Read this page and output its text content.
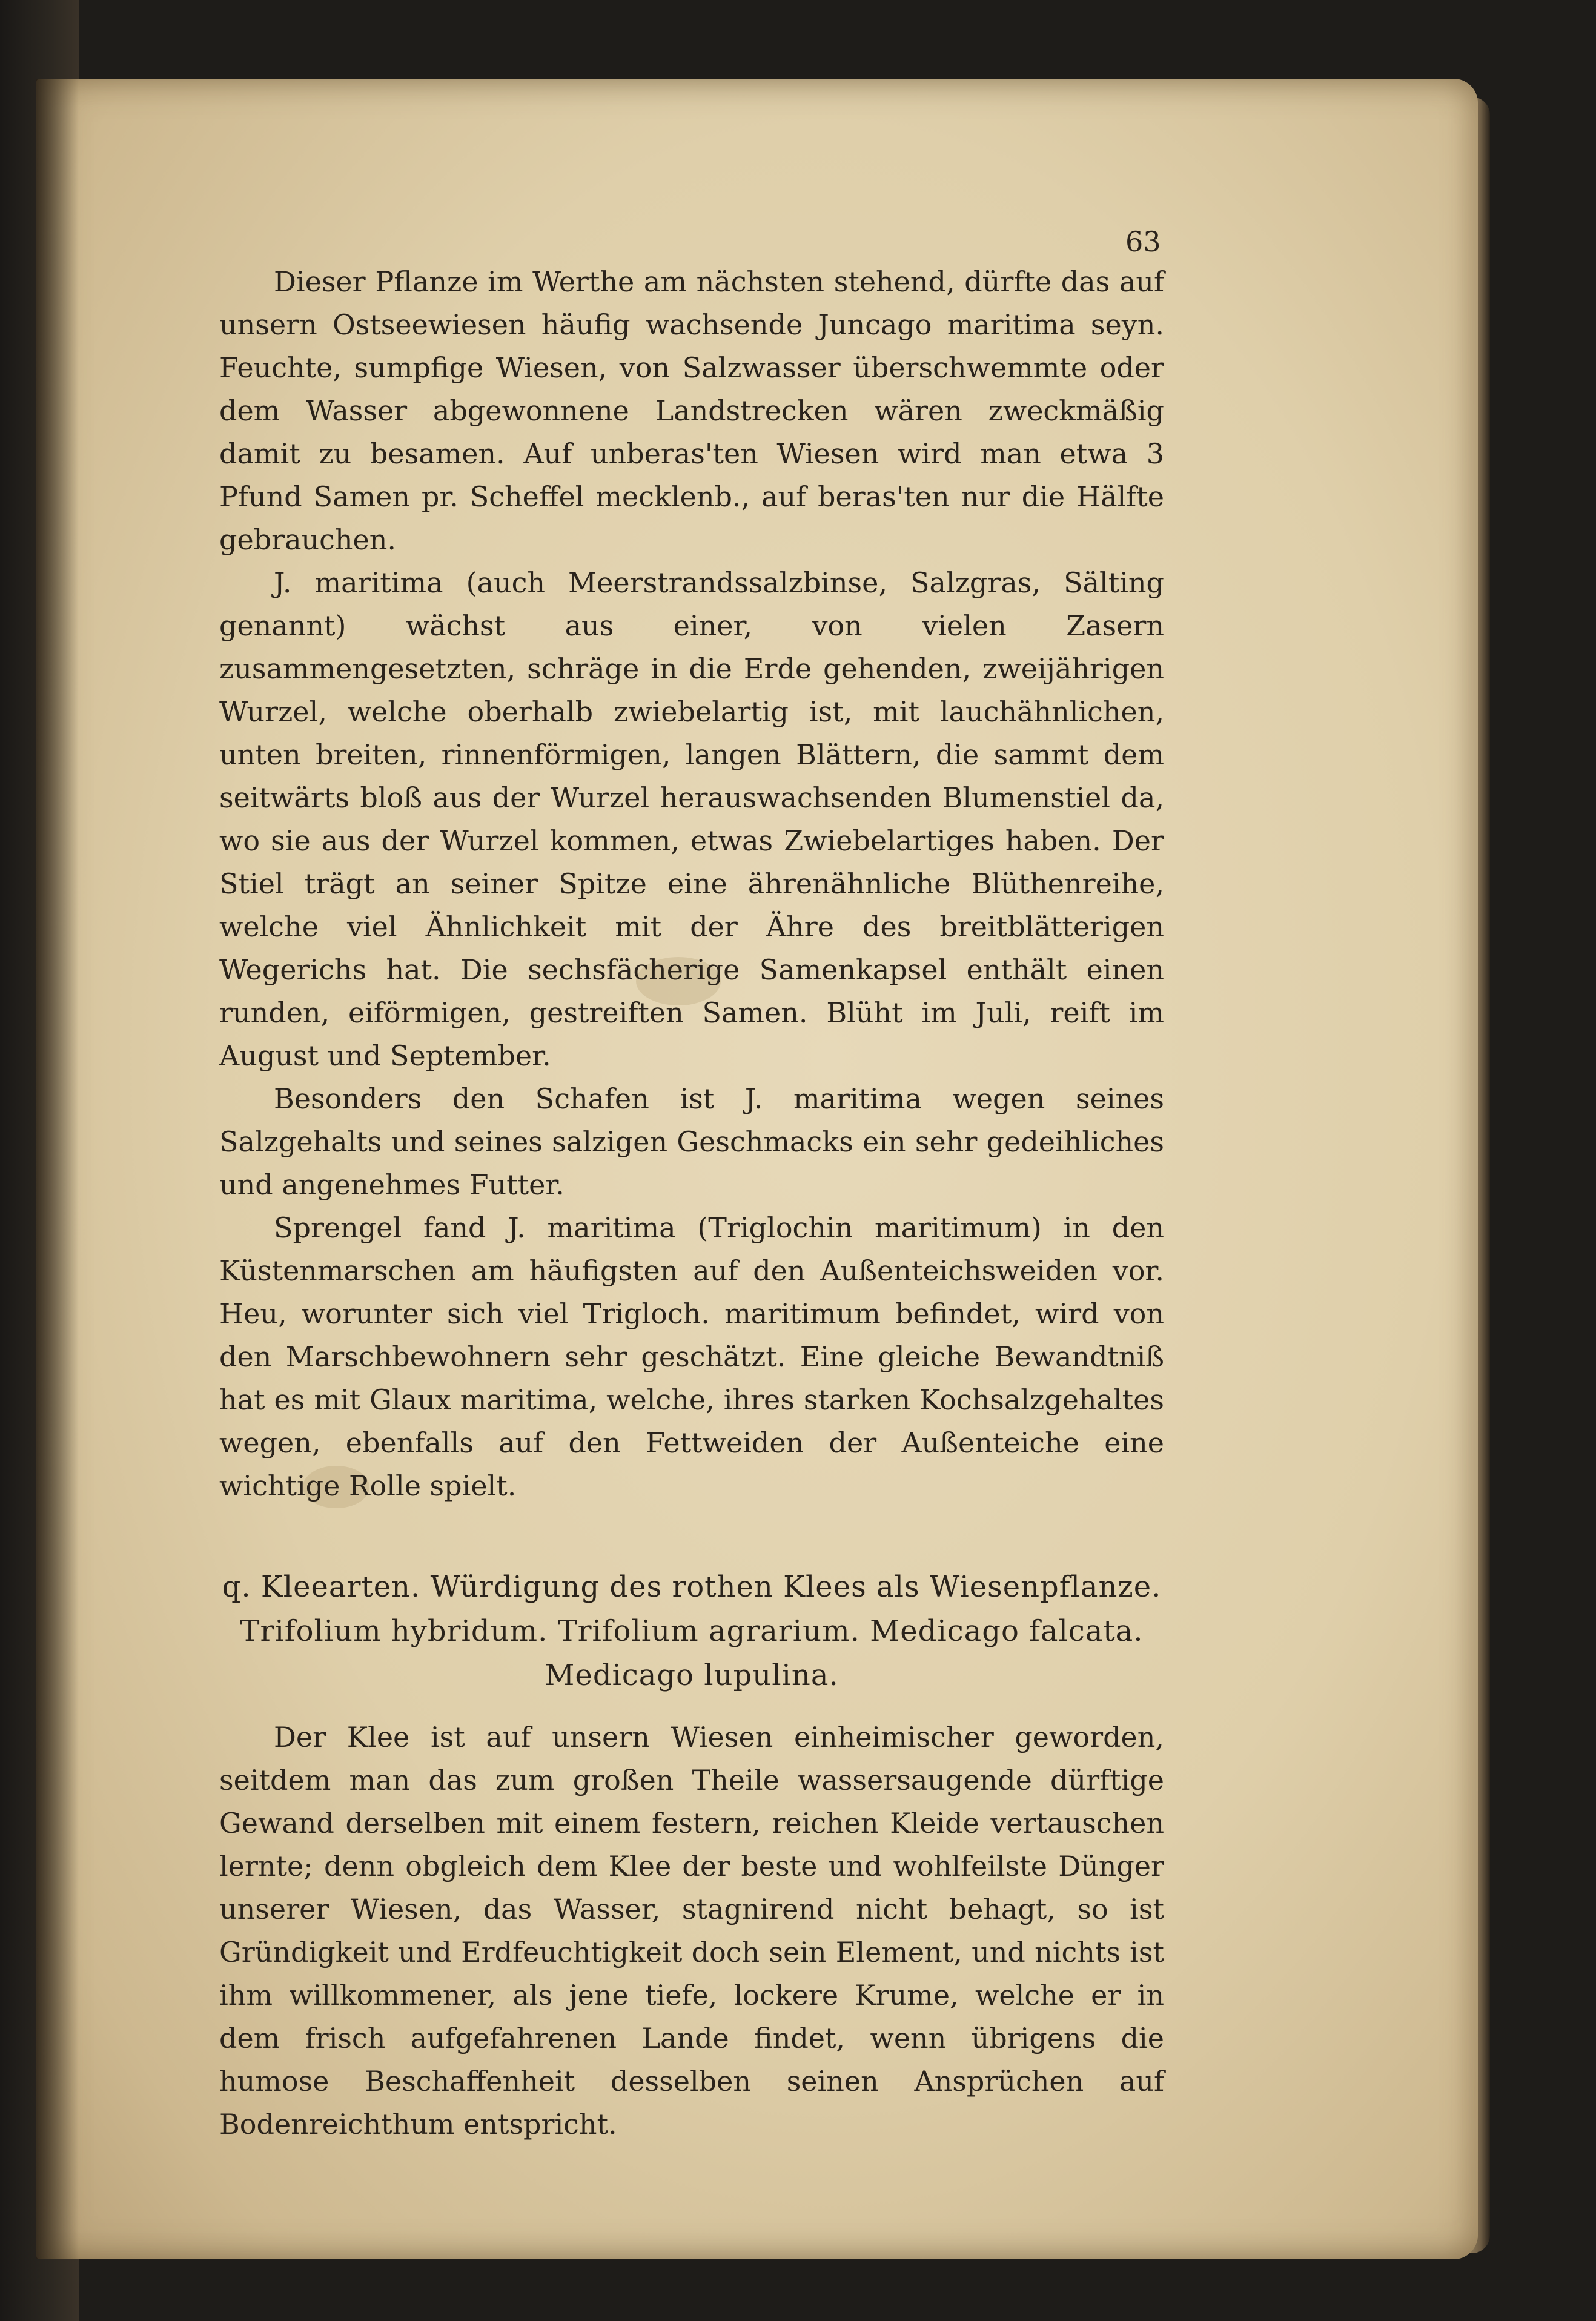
63

Dieser Pflanze im Werthe am nächsten stehend, dürfte das auf unsern Ostseewiesen häufig wachsende Juncago maritima seyn. Feuchte, sumpfige Wiesen, von Salzwasser überschwemmte oder dem Wasser abgewonnene Landstrecken wären zweckmäßig damit zu besamen. Auf unberas'ten Wiesen wird man etwa 3 Pfund Samen pr. Scheffel mecklenb., auf beras'ten nur die Hälfte gebrauchen.

J. maritima (auch Meerstrandssalzbinse, Salzgras, Sälting genannt) wächst aus einer, von vielen Zasern zusammengesetzten, schräge in die Erde gehenden, zweijährigen Wurzel, welche oberhalb zwiebelartig ist, mit lauchähnlichen, unten breiten, rinnenförmigen, langen Blättern, die sammt dem seitwärts bloß aus der Wurzel herauswachsenden Blumenstiel da, wo sie aus der Wurzel kommen, etwas Zwiebelartiges haben. Der Stiel trägt an seiner Spitze eine ährenähnliche Blüthenreihe, welche viel Ähnlichkeit mit der Ähre des breitblätterigen Wegerichs hat. Die sechsfächerige Samenkapsel enthält einen runden, eiförmigen, gestreiften Samen. Blüht im Juli, reift im August und September.

Besonders den Schafen ist J. maritima wegen seines Salzgehalts und seines salzigen Geschmacks ein sehr gedeihliches und angenehmes Futter.

Sprengel fand J. maritima (Triglochin maritimum) in den Küstenmarschen am häufigsten auf den Außenteichsweiden vor. Heu, worunter sich viel Trigloch. maritimum befindet, wird von den Marschbewohnern sehr geschätzt. Eine gleiche Bewandtniß hat es mit Glaux maritima, welche, ihres starken Kochsalzgehaltes wegen, ebenfalls auf den Fettweiden der Außenteiche eine wichtige Rolle spielt.

q. Kleearten. Würdigung des rothen Klees als Wiesenpflanze. Trifolium hybridum. Trifolium agrarium. Medicago falcata. Medicago lupulina.

Der Klee ist auf unsern Wiesen einheimischer geworden, seitdem man das zum großen Theile wassersaugende dürftige Gewand derselben mit einem festern, reichen Kleide vertauschen lernte; denn obgleich dem Klee der beste und wohlfeilste Dünger unserer Wiesen, das Wasser, stagnirend nicht behagt, so ist Gründigkeit und Erdfeuchtigkeit doch sein Element, und nichts ist ihm willkommener, als jene tiefe, lockere Krume, welche er in dem frisch aufgefahrenen Lande findet, wenn übrigens die humose Beschaffenheit desselben seinen Ansprüchen auf Bodenreichthum entspricht.
